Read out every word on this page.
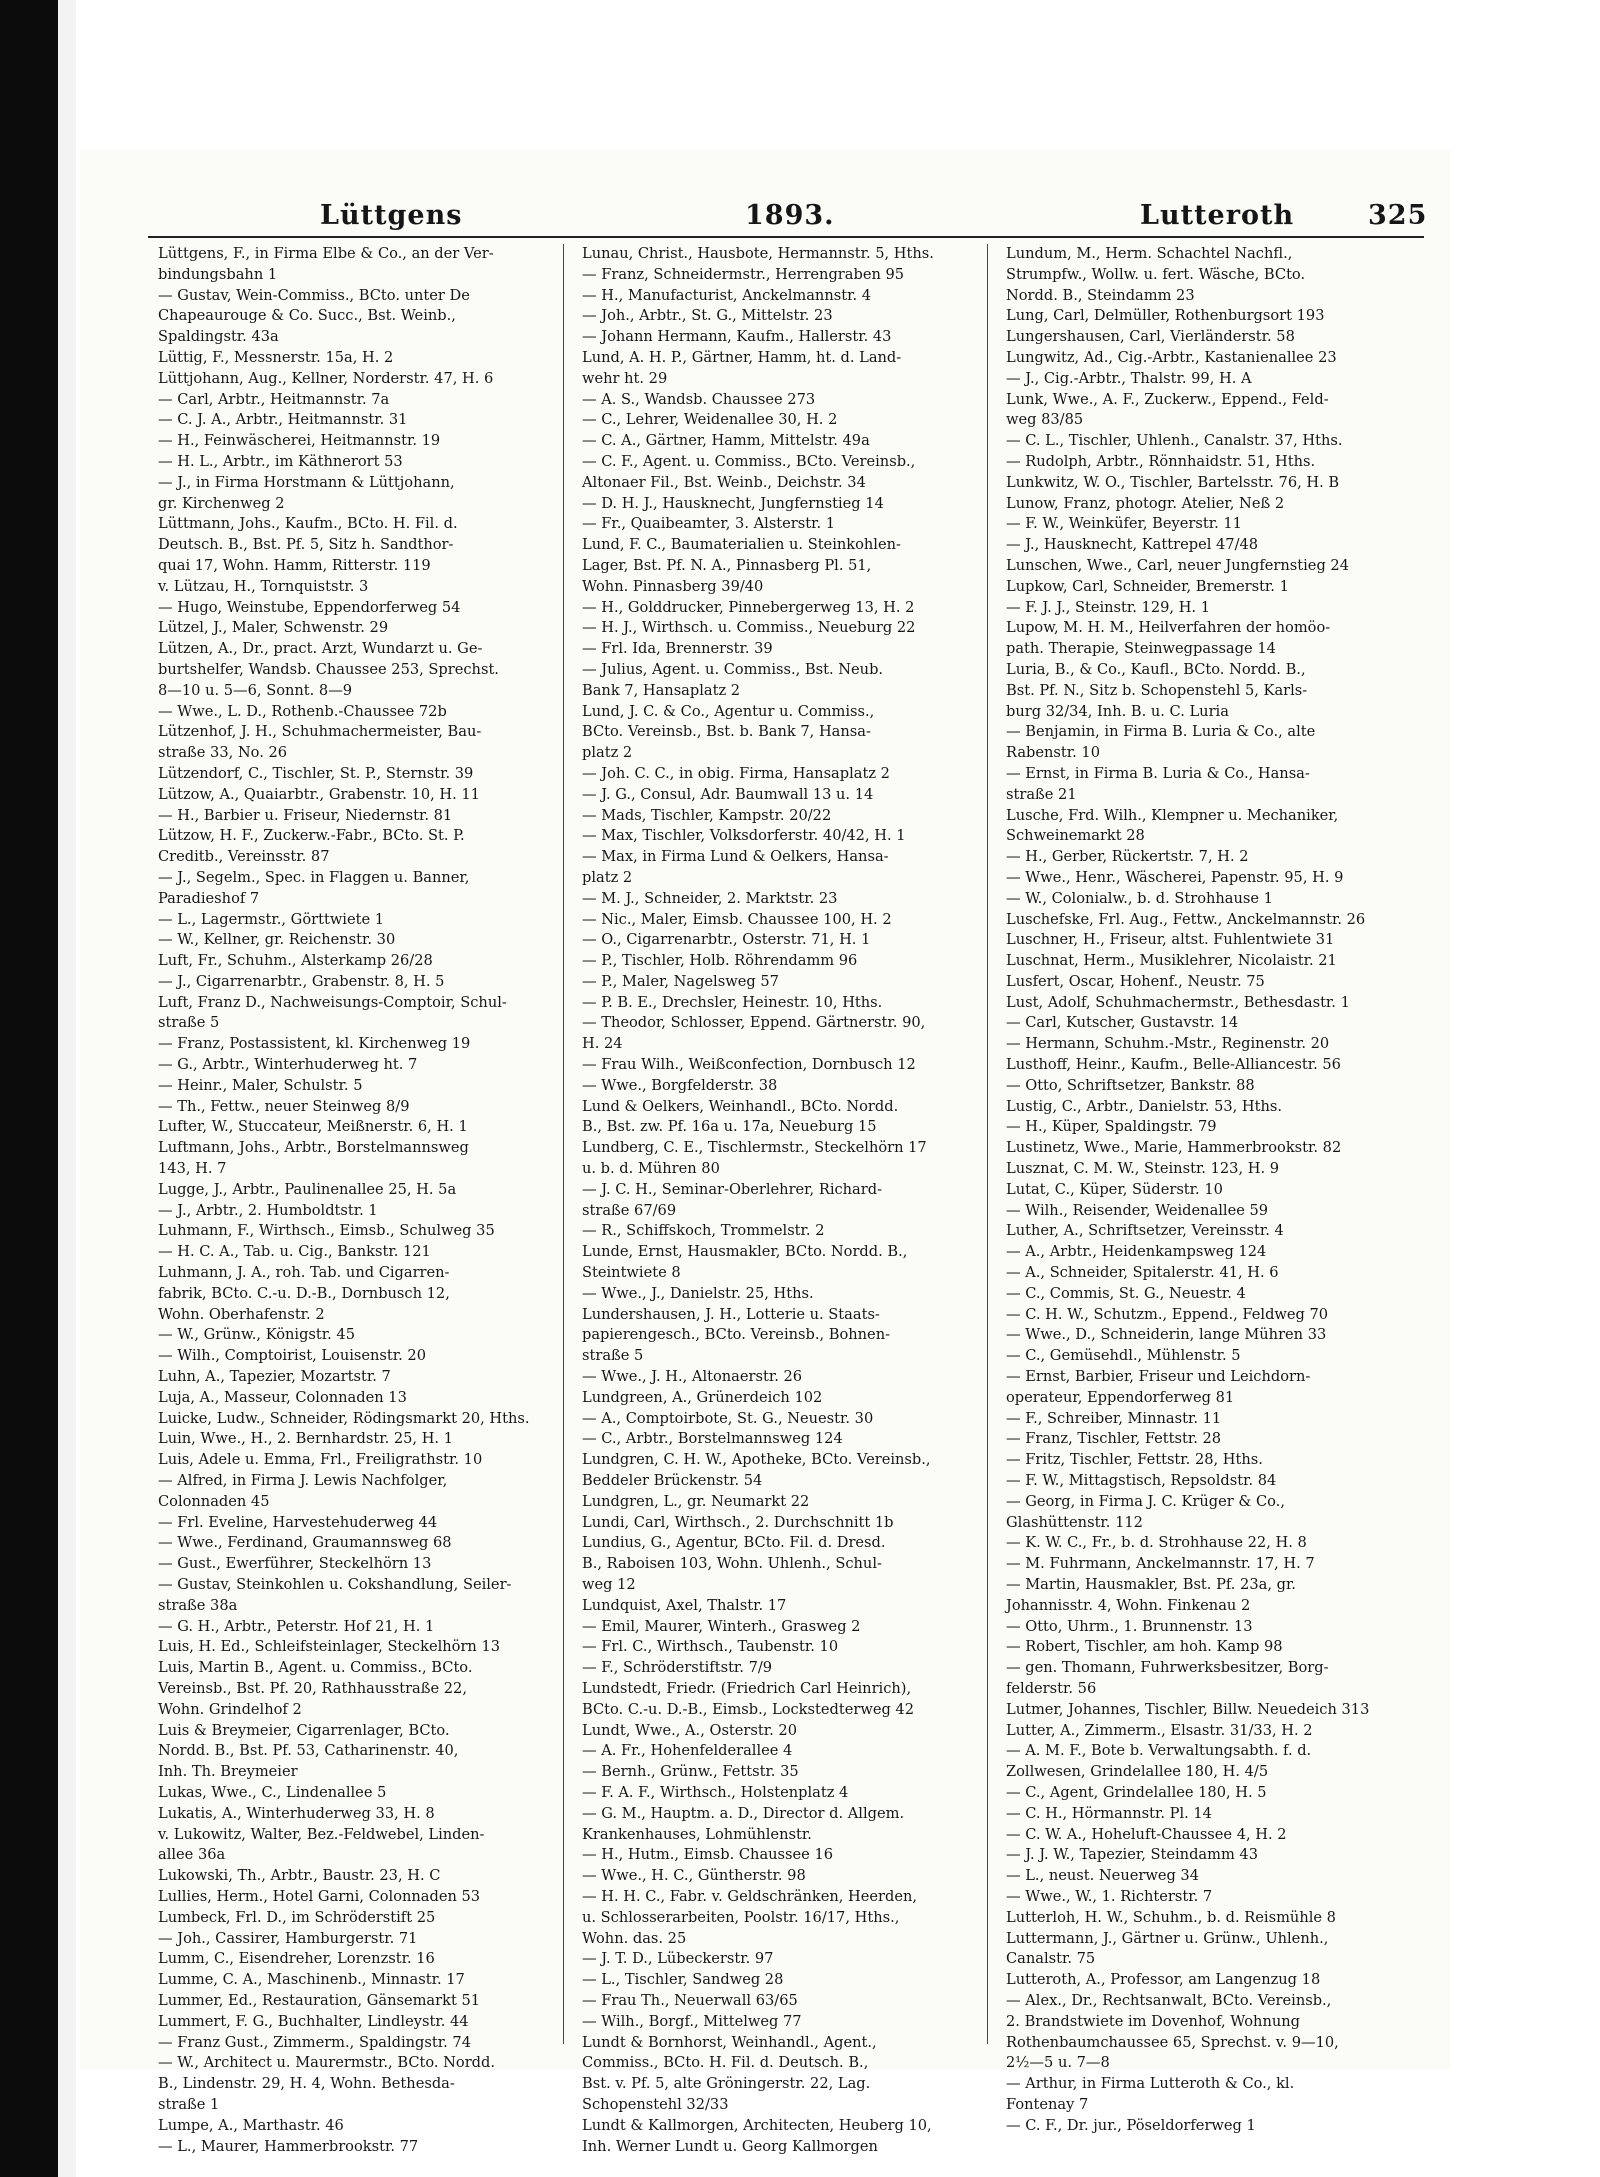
Lüttgens	1893.	Lutteroth	325
Lüttgens, F., in Firma Elbe & Co., an der Ver-
bindungsbahn 1
— Gustav, Wein-Commiss., BCto. unter De
Chapeaurouge & Co. Succ., Bst. Weinb.,
Spaldingstr. 43a
Lüttig, F., Messnerstr. 15a, H. 2
Lüttjohann, Aug., Kellner, Norderstr. 47, H. 6
— Carl, Arbtr., Heitmannstr. 7a
— C. J. A., Arbtr., Heitmannstr. 31
— H., Feinwäscherei, Heitmannstr. 19
— H. L., Arbtr., im Käthnerort 53
— J., in Firma Horstmann & Lüttjohann,
gr. Kirchenweg 2
Lüttmann, Johs., Kaufm., BCto. H. Fil. d.
Deutsch. B., Bst. Pf. 5, Sitz h. Sandthor-
quai 17, Wohn. Hamm, Ritterstr. 119
v. Lützau, H., Tornquiststr. 3
— Hugo, Weinstube, Eppendorferweg 54
Lützel, J., Maler, Schwenstr. 29
Lützen, A., Dr., pract. Arzt, Wundarzt u. Ge-
burtshelfer, Wandsb. Chaussee 253, Sprechst.
8—10 u. 5—6, Sonnt. 8—9
— Wwe., L. D., Rothenb.-Chaussee 72b
Lützenhof, J. H., Schuhmachermeister, Bau-
straße 33, No. 26
Lützendorf, C., Tischler, St. P., Sternstr. 39
Lützow, A., Quaiarbtr., Grabenstr. 10, H. 11
— H., Barbier u. Friseur, Niedernstr. 81
Lützow, H. F., Zuckerw.-Fabr., BCto. St. P.
Creditb., Vereinsstr. 87
— J., Segelm., Spec. in Flaggen u. Banner,
Paradieshof 7
— L., Lagermstr., Görttwiete 1
— W., Kellner, gr. Reichenstr. 30
Luft, Fr., Schuhm., Alsterkamp 26/28
— J., Cigarrenarbtr., Grabenstr. 8, H. 5
Luft, Franz D., Nachweisungs-Comptoir, Schul-
straße 5
— Franz, Postassistent, kl. Kirchenweg 19
— G., Arbtr., Winterhuderweg ht. 7
— Heinr., Maler, Schulstr. 5
— Th., Fettw., neuer Steinweg 8/9
Lufter, W., Stuccateur, Meißnerstr. 6, H. 1
Luftmann, Johs., Arbtr., Borstelmannsweg
143, H. 7
Lugge, J., Arbtr., Paulinenallee 25, H. 5a
— J., Arbtr., 2. Humboldtstr. 1
Luhmann, F., Wirthsch., Eimsb., Schulweg 35
— H. C. A., Tab. u. Cig., Bankstr. 121
Luhmann, J. A., roh. Tab. und Cigarren-
fabrik, BCto. C.-u. D.-B., Dornbusch 12,
Wohn. Oberhafenstr. 2
— W., Grünw., Königstr. 45
— Wilh., Comptoirist, Louisenstr. 20
Luhn, A., Tapezier, Mozartstr. 7
Luja, A., Masseur, Colonnaden 13
Luicke, Ludw., Schneider, Rödingsmarkt 20, Hths.
Luin, Wwe., H., 2. Bernhardstr. 25, H. 1
Luis, Adele u. Emma, Frl., Freiligrathstr. 10
— Alfred, in Firma J. Lewis Nachfolger,
Colonnaden 45
— Frl. Eveline, Harvestehuderweg 44
— Wwe., Ferdinand, Graumannsweg 68
— Gust., Ewerführer, Steckelhörn 13
— Gustav, Steinkohlen u. Cokshandlung, Seiler-
straße 38a
— G. H., Arbtr., Peterstr. Hof 21, H. 1
Luis, H. Ed., Schleifsteinlager, Steckelhörn 13
Luis, Martin B., Agent. u. Commiss., BCto.
Vereinsb., Bst. Pf. 20, Rathhausstraße 22,
Wohn. Grindelhof 2
Luis & Breymeier, Cigarrenlager, BCto.
Nordd. B., Bst. Pf. 53, Catharinenstr. 40,
Inh. Th. Breymeier
Lukas, Wwe., C., Lindenallee 5
Lukatis, A., Winterhuderweg 33, H. 8
v. Lukowitz, Walter, Bez.-Feldwebel, Linden-
allee 36a
Lukowski, Th., Arbtr., Baustr. 23, H. C
Lullies, Herm., Hotel Garni, Colonnaden 53
Lumbeck, Frl. D., im Schröderstift 25
— Joh., Cassirer, Hamburgerstr. 71
Lumm, C., Eisendreher, Lorenzstr. 16
Lumme, C. A., Maschinenb., Minnastr. 17
Lummer, Ed., Restauration, Gänsemarkt 51
Lummert, F. G., Buchhalter, Lindleystr. 44
— Franz Gust., Zimmerm., Spaldingstr. 74
— W., Architect u. Maurermstr., BCto. Nordd.
B., Lindenstr. 29, H. 4, Wohn. Bethesda-
straße 1
Lumpe, A., Marthastr. 46
— L., Maurer, Hammerbrookstr. 77
Lunau, Christ., Hausbote, Hermannstr. 5, Hths.
— Franz, Schneidermstr., Herrengraben 95
— H., Manufacturist, Anckelmannstr. 4
— Joh., Arbtr., St. G., Mittelstr. 23
— Johann Hermann, Kaufm., Hallerstr. 43
Lund, A. H. P., Gärtner, Hamm, ht. d. Land-
wehr ht. 29
— A. S., Wandsb. Chaussee 273
— C., Lehrer, Weidenallee 30, H. 2
— C. A., Gärtner, Hamm, Mittelstr. 49a
— C. F., Agent. u. Commiss., BCto. Vereinsb.,
Altonaer Fil., Bst. Weinb., Deichstr. 34
— D. H. J., Hausknecht, Jungfernstieg 14
— Fr., Quaibeamter, 3. Alsterstr. 1
Lund, F. C., Baumaterialien u. Steinkohlen-
Lager, Bst. Pf. N. A., Pinnasberg Pl. 51,
Wohn. Pinnasberg 39/40
— H., Golddrucker, Pinnebergerweg 13, H. 2
— H. J., Wirthsch. u. Commiss., Neueburg 22
— Frl. Ida, Brennerstr. 39
— Julius, Agent. u. Commiss., Bst. Neub.
Bank 7, Hansaplatz 2
Lund, J. C. & Co., Agentur u. Commiss.,
BCto. Vereinsb., Bst. b. Bank 7, Hansa-
platz 2
— Joh. C. C., in obig. Firma, Hansaplatz 2
— J. G., Consul, Adr. Baumwall 13 u. 14
— Mads, Tischler, Kampstr. 20/22
— Max, Tischler, Volksdorferstr. 40/42, H. 1
— Max, in Firma Lund & Oelkers, Hansa-
platz 2
— M. J., Schneider, 2. Marktstr. 23
— Nic., Maler, Eimsb. Chaussee 100, H. 2
— O., Cigarrenarbtr., Osterstr. 71, H. 1
— P., Tischler, Holb. Röhrendamm 96
— P., Maler, Nagelsweg 57
— P. B. E., Drechsler, Heinestr. 10, Hths.
— Theodor, Schlosser, Eppend. Gärtnerstr. 90,
H. 24
— Frau Wilh., Weißconfection, Dornbusch 12
— Wwe., Borgfelderstr. 38
Lund & Oelkers, Weinhandl., BCto. Nordd.
B., Bst. zw. Pf. 16a u. 17a, Neueburg 15
Lundberg, C. E., Tischlermstr., Steckelhörn 17
u. b. d. Mühren 80
— J. C. H., Seminar-Oberlehrer, Richard-
straße 67/69
— R., Schiffskoch, Trommelstr. 2
Lunde, Ernst, Hausmakler, BCto. Nordd. B.,
Steintwiete 8
— Wwe., J., Danielstr. 25, Hths.
Lundershausen, J. H., Lotterie u. Staats-
papierengesch., BCto. Vereinsb., Bohnen-
straße 5
— Wwe., J. H., Altonaerstr. 26
Lundgreen, A., Grünerdeich 102
— A., Comptoirbote, St. G., Neuestr. 30
— C., Arbtr., Borstelmannsweg 124
Lundgren, C. H. W., Apotheke, BCto. Vereinsb.,
Beddeler Brückenstr. 54
Lundgren, L., gr. Neumarkt 22
Lundi, Carl, Wirthsch., 2. Durchschnitt 1b
Lundius, G., Agentur, BCto. Fil. d. Dresd.
B., Raboisen 103, Wohn. Uhlenh., Schul-
weg 12
Lundquist, Axel, Thalstr. 17
— Emil, Maurer, Winterh., Grasweg 2
— Frl. C., Wirthsch., Taubenstr. 10
— F., Schröderstiftstr. 7/9
Lundstedt, Friedr. (Friedrich Carl Heinrich),
BCto. C.-u. D.-B., Eimsb., Lockstedterweg 42
Lundt, Wwe., A., Osterstr. 20
— A. Fr., Hohenfelderallee 4
— Bernh., Grünw., Fettstr. 35
— F. A. F., Wirthsch., Holstenplatz 4
— G. M., Hauptm. a. D., Director d. Allgem.
Krankenhauses, Lohmühlenstr.
— H., Hutm., Eimsb. Chaussee 16
— Wwe., H. C., Güntherstr. 98
— H. H. C., Fabr. v. Geldschränken, Heerden,
u. Schlosserarbeiten, Poolstr. 16/17, Hths.,
Wohn. das. 25
— J. T. D., Lübeckerstr. 97
— L., Tischler, Sandweg 28
— Frau Th., Neuerwall 63/65
— Wilh., Borgf., Mittelweg 77
Lundt & Bornhorst, Weinhandl., Agent.,
Commiss., BCto. H. Fil. d. Deutsch. B.,
Bst. v. Pf. 5, alte Gröningerstr. 22, Lag.
Schopenstehl 32/33
Lundt & Kallmorgen, Architecten, Heuberg 10,
Inh. Werner Lundt u. Georg Kallmorgen
Lundum, M., Herm. Schachtel Nachfl.,
Strumpfw., Wollw. u. fert. Wäsche, BCto.
Nordd. B., Steindamm 23
Lung, Carl, Delmüller, Rothenburgsort 193
Lungershausen, Carl, Vierländerstr. 58
Lungwitz, Ad., Cig.-Arbtr., Kastanienallee 23
— J., Cig.-Arbtr., Thalstr. 99, H. A
Lunk, Wwe., A. F., Zuckerw., Eppend., Feld-
weg 83/85
— C. L., Tischler, Uhlenh., Canalstr. 37, Hths.
— Rudolph, Arbtr., Rönnhaidstr. 51, Hths.
Lunkwitz, W. O., Tischler, Bartelsstr. 76, H. B
Lunow, Franz, photogr. Atelier, Neß 2
— F. W., Weinküfer, Beyerstr. 11
— J., Hausknecht, Kattrepel 47/48
Lunschen, Wwe., Carl, neuer Jungfernstieg 24
Lupkow, Carl, Schneider, Bremerstr. 1
— F. J. J., Steinstr. 129, H. 1
Lupow, M. H. M., Heilverfahren der homöo-
path. Therapie, Steinwegpassage 14
Luria, B., & Co., Kaufl., BCto. Nordd. B.,
Bst. Pf. N., Sitz b. Schopenstehl 5, Karls-
burg 32/34, Inh. B. u. C. Luria
— Benjamin, in Firma B. Luria & Co., alte
Rabenstr. 10
— Ernst, in Firma B. Luria & Co., Hansa-
straße 21
Lusche, Frd. Wilh., Klempner u. Mechaniker,
Schweinemarkt 28
— H., Gerber, Rückertstr. 7, H. 2
— Wwe., Henr., Wäscherei, Papenstr. 95, H. 9
— W., Colonialw., b. d. Strohhause 1
Luschefske, Frl. Aug., Fettw., Anckelmannstr. 26
Luschner, H., Friseur, altst. Fuhlentwiete 31
Luschnat, Herm., Musiklehrer, Nicolaistr. 21
Lusfert, Oscar, Hohenf., Neustr. 75
Lust, Adolf, Schuhmachermstr., Bethesdastr. 1
— Carl, Kutscher, Gustavstr. 14
— Hermann, Schuhm.-Mstr., Reginenstr. 20
Lusthoff, Heinr., Kaufm., Belle-Alliancestr. 56
— Otto, Schriftsetzer, Bankstr. 88
Lustig, C., Arbtr., Danielstr. 53, Hths.
— H., Küper, Spaldingstr. 79
Lustinetz, Wwe., Marie, Hammerbrookstr. 82
Lusznat, C. M. W., Steinstr. 123, H. 9
Lutat, C., Küper, Süderstr. 10
— Wilh., Reisender, Weidenallee 59
Luther, A., Schriftsetzer, Vereinsstr. 4
— A., Arbtr., Heidenkampsweg 124
— A., Schneider, Spitalerstr. 41, H. 6
— C., Commis, St. G., Neuestr. 4
— C. H. W., Schutzm., Eppend., Feldweg 70
— Wwe., D., Schneiderin, lange Mühren 33
— C., Gemüsehdl., Mühlenstr. 5
— Ernst, Barbier, Friseur und Leichdorn-
operateur, Eppendorferweg 81
— F., Schreiber, Minnastr. 11
— Franz, Tischler, Fettstr. 28
— Fritz, Tischler, Fettstr. 28, Hths.
— F. W., Mittagstisch, Repsoldstr. 84
— Georg, in Firma J. C. Krüger & Co.,
Glashüttenstr. 112
— K. W. C., Fr., b. d. Strohhause 22, H. 8
— M. Fuhrmann, Anckelmannstr. 17, H. 7
— Martin, Hausmakler, Bst. Pf. 23a, gr.
Johannisstr. 4, Wohn. Finkenau 2
— Otto, Uhrm., 1. Brunnenstr. 13
— Robert, Tischler, am hoh. Kamp 98
— gen. Thomann, Fuhrwerksbesitzer, Borg-
felderstr. 56
Lutmer, Johannes, Tischler, Billw. Neuedeich 313
Lutter, A., Zimmerm., Elsastr. 31/33, H. 2
— A. M. F., Bote b. Verwaltungsabth. f. d.
Zollwesen, Grindelallee 180, H. 4/5
— C., Agent, Grindelallee 180, H. 5
— C. H., Hörmannstr. Pl. 14
— C. W. A., Hoheluft-Chaussee 4, H. 2
— J. J. W., Tapezier, Steindamm 43
— L., neust. Neuerweg 34
— Wwe., W., 1. Richterstr. 7
Lutterloh, H. W., Schuhm., b. d. Reismühle 8
Luttermann, J., Gärtner u. Grünw., Uhlenh.,
Canalstr. 75
Lutteroth, A., Professor, am Langenzug 18
— Alex., Dr., Rechtsanwalt, BCto. Vereinsb.,
2. Brandstwiete im Dovenhof, Wohnung
Rothenbaumchaussee 65, Sprechst. v. 9—10,
2½—5 u. 7—8
— Arthur, in Firma Lutteroth & Co., kl.
Fontenay 7
— C. F., Dr. jur., Pöseldorferweg 1
